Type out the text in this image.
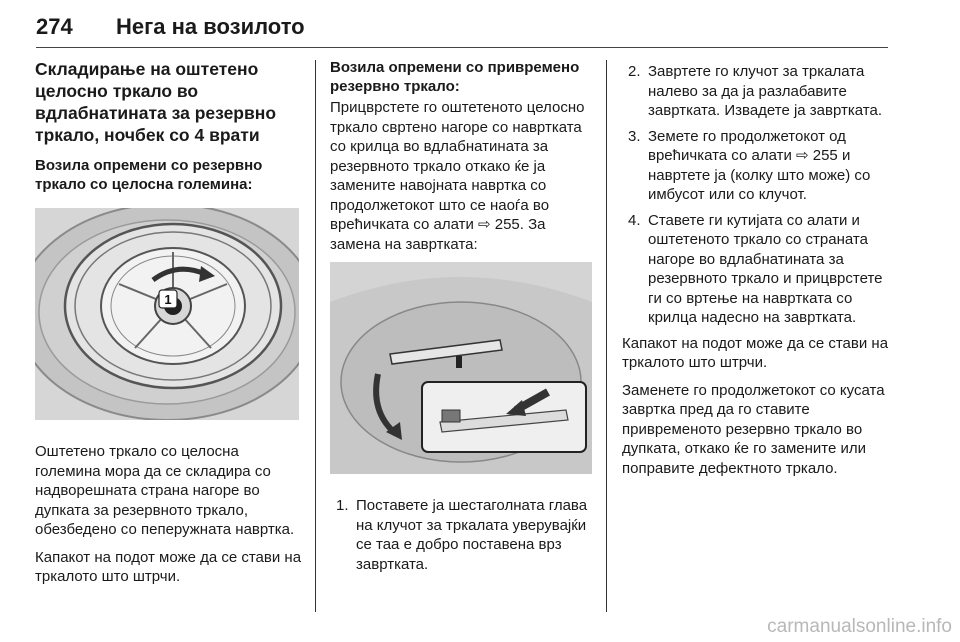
274 Нега на возилото
Складирање на оштетено целосно тркало во вдлабнатината за резервно тркало, ночбек со 4 врати
Возила опремени со резервно тркало со целосна големина:
1
Оштетено тркало со целосна големина мора да се складира со надворешната страна нагоре во дупката за резервното тркало, обезбедено со пеперужната навртка.
Капакот на подот може да се стави на тркалото што штрчи.
Возила опремени со привремено резервно тркало:
Прицврстете го оштетеното целосно тркало свртено нагоре со навртката со крилца во вдлабнатината за резервното тркало откако ќе ја замените навојната навртка со продолжетокот што се наоѓа во врећичката со алати ⇨ 255. За замена на завртката:
1. Поставете ја шестаголната глава на клучот за тркалата уверувајќи се таа е добро поставена врз завртката.
2. Завртете го клучот за тркалата налево за да ја разлабавите завртката. Извадете ја завртката.
3. Земете го продолжетокот од врећичката со алати ⇨ 255 и навртете ја (колку што може) со имбусот или со клучот.
4. Ставете ги кутијата со алати и оштетеното тркало со страната нагоре во вдлабнатината за резервното тркало и прицврстете ги со вртење на навртката со крилца надесно на завртката.
Капакот на подот може да се стави на тркалото што штрчи.
Заменете го продолжетокот со кусата завртка пред да го ставите привременото резервно тркало во дупката, откако ќе го замените или поправите дефектното тркало.
carmanualsonline.info
